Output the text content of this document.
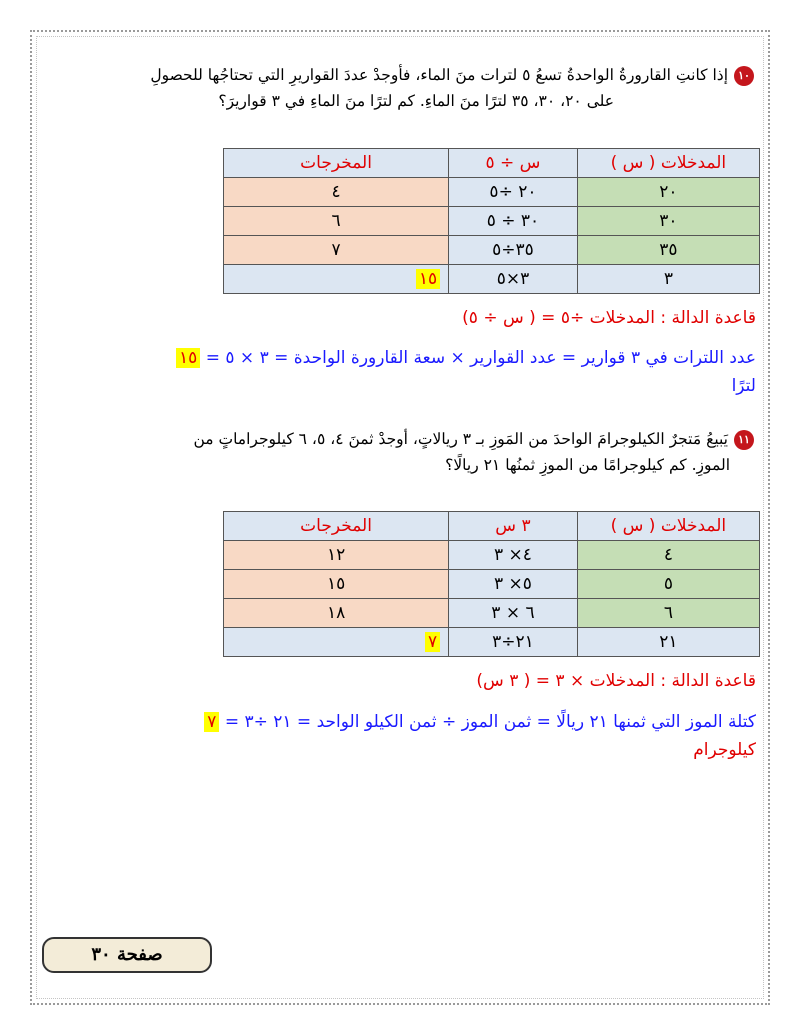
١٠إذا كانتِ القارورةُ الواحدةُ تسعُ ٥ لترات منَ الماء، فأوجدْ عددَ القواريرِ التي تحتاجُها للحصولِ
على ٢٠، ٣٠، ٣٥ لترًا منَ الماءِ. كم لترًا منَ الماءِ في ٣ قواريرَ؟
المدخلات ( س )	س ÷ ٥	المخرجات
٢٠	٢٠ ÷٥	٤
٣٠	٣٠ ÷ ٥	٦
٣٥	٣٥÷٥	٧
٣	٣×٥	١٥
قاعدة الدالة : المدخلات ÷٥ = ( س ÷ ٥)
عدد اللترات في ٣ قوارير = عدد القوارير × سعة القارورة الواحدة = ٣ × ٥ = ١٥
لترًا
١١يَبيعُ مَتجرٌ الكيلوجرامَ الواحدَ من المَوزِ بـ ٣ ريالاتٍ، أوجدْ ثمنَ ٤، ٥، ٦ كيلوجراماتٍ من
الموزِ. كم كيلوجرامًا من الموزِ ثمنُها ٢١ ريالًا؟
المدخلات ( س )	٣ س	المخرجات
٤	٤× ٣	١٢
٥	٥× ٣	١٥
٦	٦ × ٣	١٨
٢١	٢١÷٣	٧
قاعدة الدالة : المدخلات × ٣ = ( ٣ س)
كتلة الموز التي ثمنها ٢١ ريالًا = ثمن الموز ÷ ثمن الكيلو الواحد = ٢١ ÷٣ = ٧
كيلوجرام
صفحة ٣٠
